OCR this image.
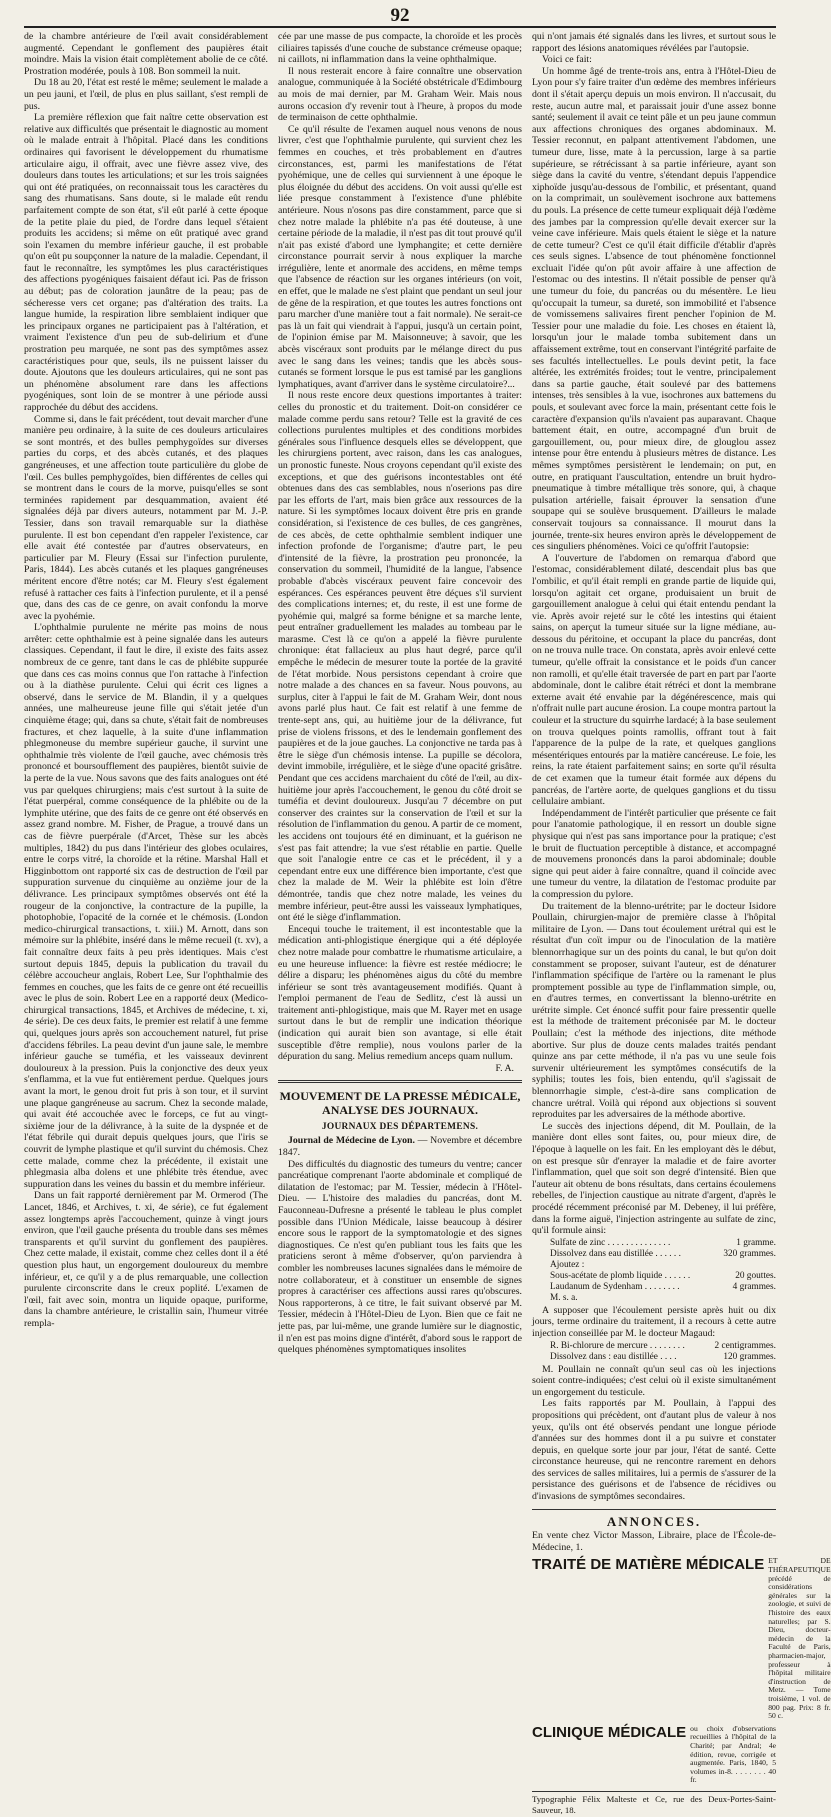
92

de la chambre antérieure de l'œil avait considérablement augmenté. Cependant le gonflement des paupières était moindre. Mais la vision était complètement abolie de ce côté. Prostration modérée, pouls à 108. Bon sommeil la nuit.

Du 18 au 20, l'état est resté le même; seulement le malade a un peu jauni, et l'œil, de plus en plus saillant, s'est rempli de pus.

La première réflexion que fait naître cette observation est relative aux difficultés que présentait le diagnostic au moment où le malade entrait à l'hôpital. Placé dans les conditions ordinaires qui favorisent le développement du rhumatisme articulaire aigu, il offrait, avec une fièvre assez vive, des douleurs dans toutes les articulations; et sur les trois saignées qui ont été pratiquées, on reconnaissait tous les caractères du sang des rhumatisans. Sans doute, si le malade eût rendu parfaitement compte de son état, s'il eût parlé à cette époque de la petite plaie du pied, de l'ordre dans lequel s'étaient produits les accidens; si même on eût pratiqué avec grand soin l'examen du membre inférieur gauche, il est probable qu'on eût pu soupçonner la nature de la maladie. Cependant, il faut le reconnaître, les symptômes les plus caractéristiques des affections pyogéniques faisaient défaut ici. Pas de frisson au début; pas de coloration jaunâtre de la peau; pas de sécheresse vers cet organe; pas d'altération des traits. La langue humide, la respiration libre semblaient indiquer que les principaux organes ne participaient pas à l'altération, et vraiment l'existence d'un peu de sub-delirium et d'une prostration peu marquée, ne sont pas des symptômes assez caractéristiques pour que, seuls, ils ne puissent laisser du doute. Ajoutons que les douleurs articulaires, qui ne sont pas un phénomène absolument rare dans les affections pyogéniques, sont loin de se montrer à une période aussi rapprochée du début des accidens.

Comme si, dans le fait précédent, tout devait marcher d'une manière peu ordinaire, à la suite de ces douleurs articulaires se sont montrés, et des bulles pemphygoïdes sur diverses parties du corps, et des abcès cutanés, et des plaques gangréneuses, et une affection toute particulière du globe de l'œil. Ces bulles pemphygoïdes, bien différentes de celles qui se montrent dans le cours de la morve, puisqu'elles se sont terminées rapidement par desquammation, avaient été signalées déjà par divers auteurs, notamment par M. J.-P. Tessier, dans son travail remarquable sur la diathèse purulente. Il est bon cependant d'en rappeler l'existence, car elle avait été contestée par d'autres observateurs, en particulier par M. Fleury (Essai sur l'infection purulente, Paris, 1844). Les abcès cutanés et les plaques gangréneuses méritent encore d'être notés; car M. Fleury s'est également refusé à rattacher ces faits à l'infection purulente, et il a pensé que, dans des cas de ce genre, on avait confondu la morve avec la pyohémie.

L'ophthalmie purulente ne mérite pas moins de nous arrêter: cette ophthalmie est à peine signalée dans les auteurs classiques. Cependant, il faut le dire, il existe des faits assez nombreux de ce genre, tant dans le cas de phlébite suppurée que dans ces cas moins connus que l'on rattache à l'infection ou à la diathèse purulente. Celui qui écrit ces lignes a observé, dans le service de M. Blandin, il y a quelques années, une malheureuse jeune fille qui s'était jetée d'un cinquième étage; qui, dans sa chute, s'était fait de nombreuses fractures, et chez laquelle, à la suite d'une inflammation phlegmoneuse du membre supérieur gauche, il survint une ophthalmie très violente de l'œil gauche, avec chémosis très prononcé et boursoufflement des paupières, bientôt suivie de la perte de la vue. Nous savons que des faits analogues ont été vus par quelques chirurgiens; mais c'est surtout à la suite de l'état puerpéral, comme conséquence de la phlébite ou de la lymphite utérine, que des faits de ce genre ont été observés en assez grand nombre. M. Fisher, de Prague, a trouvé dans un cas de fièvre puerpérale (d'Arcet, Thèse sur les abcès multiples, 1842) du pus dans l'intérieur des globes oculaires, entre le corps vitré, la choroïde et la rétine. Marshal Hall et Higginbottom ont rapporté six cas de destruction de l'œil par suppuration survenue du cinquième au onzième jour de la délivrance. Les principaux symptômes observés ont été la rougeur de la conjonctive, la contracture de la pupille, la photophobie, l'opacité de la cornée et le chémosis. (London medico-chirurgical transactions, t. xiii.) M. Arnott, dans son mémoire sur la phlébite, inséré dans le même recueil (t. xv), a fait connaître deux faits à peu près identiques. Mais c'est surtout depuis 1845, depuis la publication du travail du célèbre accoucheur anglais, Robert Lee, Sur l'ophthalmie des femmes en couches, que les faits de ce genre ont été recueillis avec le plus de soin. Robert Lee en a rapporté deux (Medico-chirurgical transactions, 1845, et Archives de médecine, t. xi, 4e série). De ces deux faits, le premier est relatif à une femme qui, quelques jours après son accouchement naturel, fut prise d'accidens fébriles. La peau devint d'un jaune sale, le membre inférieur gauche se tuméfia, et les vaisseaux devinrent douloureux à la pression. Puis la conjonctive des deux yeux s'enflamma, et la vue fut entièrement perdue. Quelques jours avant la mort, le genou droit fut pris à son tour, et il survint une plaque gangréneuse au sacrum. Chez la seconde malade, qui avait été accouchée avec le forceps, ce fut au vingt-sixième jour de la délivrance, à la suite de la dyspnée et de l'état fébrile qui durait depuis quelques jours, que l'iris se couvrit de lymphe plastique et qu'il survint du chémosis. Chez cette malade, comme chez la précédente, il existait une phlegmasia alba dolens et une phlébite très étendue, avec suppuration dans les veines du bassin et du membre inférieur.

Dans un fait rapporté dernièrement par M. Ormerod (The Lancet, 1846, et Archives, t. xi, 4e série), ce fut également assez longtemps après l'accouchement, quinze à vingt jours environ, que l'œil gauche présenta du trouble dans ses mêmes transparents et qu'il survint du gonflement des paupières. Chez cette malade, il existait, comme chez celles dont il a été question plus haut, un engorgement douloureux du membre inférieur, et, ce qu'il y a de plus remarquable, une collection purulente circonscrite dans le creux poplité. L'examen de l'œil, fait avec soin, montra un liquide opaque, puriforme, dans la chambre antérieure, le cristallin sain, l'humeur vitrée rempla-

cée par une masse de pus compacte, la choroïde et les procès ciliaires tapissés d'une couche de substance crémeuse opaque; ni caillots, ni inflammation dans la veine ophthalmique.

Il nous resterait encore à faire connaître une observation analogue, communiquée à la Société obstétricale d'Edimbourg au mois de mai dernier, par M. Graham Weir. Mais nous aurons occasion d'y revenir tout à l'heure, à propos du mode de terminaison de cette ophthalmie.

Ce qu'il résulte de l'examen auquel nous venons de nous livrer, c'est que l'ophthalmie purulente, qui survient chez les femmes en couches, et très probablement en d'autres circonstances, est, parmi les manifestations de l'état pyohémique, une de celles qui surviennent à une époque le plus éloignée du début des accidens. On voit aussi qu'elle est liée presque constamment à l'existence d'une phlébite antérieure. Nous n'osons pas dire constamment, parce que si chez notre malade la phlébite n'a pas été douteuse, à une certaine période de la maladie, il n'est pas dit tout prouvé qu'il n'ait pas existé d'abord une lymphangite; et cette dernière circonstance pourrait servir à nous expliquer la marche irrégulière, lente et anormale des accidens, en même temps que l'absence de réaction sur les organes intérieurs (on voit, en effet, que le malade ne s'est plaint que pendant un seul jour de gêne de la respiration, et que toutes les autres fonctions ont paru marcher d'une manière tout a fait normale). Ne serait-ce pas là un fait qui viendrait à l'appui, jusqu'à un certain point, de l'opinion émise par M. Maisonneuve; à savoir, que les abcès viscéraux sont produits par le mélange direct du pus avec le sang dans les veines; tandis que les abcès sous-cutanés se forment lorsque le pus est tamisé par les ganglions lymphatiques, avant d'arriver dans le système circulatoire?...

Il nous reste encore deux questions importantes à traiter: celles du pronostic et du traitement. Doit-on considérer ce malade comme perdu sans retour? Telle est la gravité de ces collections purulentes multiples et des conditions morbides générales sous l'influence desquels elles se développent, que les chirurgiens portent, avec raison, dans les cas analogues, un pronostic funeste. Nous croyons cependant qu'il existe des exceptions, et que des guérisons incontestables ont été obtenues dans des cas semblables, nous n'oserions pas dire par les efforts de l'art, mais bien grâce aux ressources de la nature. Si les symptômes locaux doivent être pris en grande considération, si l'existence de ces bulles, de ces gangrènes, de ces abcès, de cette ophthalmie semblent indiquer une infection profonde de l'organisme; d'autre part, le peu d'intensité de la fièvre, la prostration peu prononcée, la conservation du sommeil, l'humidité de la langue, l'absence probable d'abcès viscéraux peuvent faire concevoir des espérances. Ces espérances peuvent être déçues s'il survient des complications internes; et, du reste, il est une forme de pyohémie qui, malgré sa forme bénigne et sa marche lente, peut entraîner graduellement les malades au tombeau par le marasme. C'est là ce qu'on a appelé la fièvre purulente chronique: état fallacieux au plus haut degré, parce qu'il empêche le médecin de mesurer toute la portée de la gravité de l'état morbide. Nous persistons cependant à croire que notre malade a des chances en sa faveur. Nous pouvons, au surplus, citer à l'appui le fait de M. Graham Weir, dont nous avons parlé plus haut. Ce fait est relatif à une femme de trente-sept ans, qui, au huitième jour de la délivrance, fut prise de violens frissons, et des le lendemain gonflement des paupières et de la joue gauches. La conjonctive ne tarda pas à être le siège d'un chémosis intense. La pupille se décolora, devint immobile, irrégulière, et le siège d'une opacité grisâtre. Pendant que ces accidens marchaient du côté de l'œil, au dix-huitième jour après l'accouchement, le genou du côté droit se tuméfia et devint douloureux. Jusqu'au 7 décembre on put conserver des craintes sur la conservation de l'œil et sur la résolution de l'inflammation du genou. A partir de ce moment, les accidens ont toujours été en diminuant, et la guérison ne s'est pas fait attendre; la vue s'est rétablie en partie. Quelle que soit l'analogie entre ce cas et le précédent, il y a cependant entre eux une différence bien importante, c'est que chez la malade de M. Weir la phlébite est loin d'être démontrée, tandis que chez notre malade, les veines du membre inférieur, peut-être aussi les vaisseaux lymphatiques, ont été le siège d'inflammation.

Encequi touche le traitement, il est incontestable que la médication anti-phlogistique énergique qui a été déployée chez notre malade pour combattre le rhumatisme articulaire, a eu une heureuse influence: la fièvre est restée médiocre; le délire a disparu; les phénomènes aigus du côté du membre inférieur se sont très avantageusement modifiés. Quant à l'emploi permanent de l'eau de Sedlitz, c'est là aussi un traitement anti-phlogistique, mais que M. Rayer met en usage surtout dans le but de remplir une indication théorique (indication qui aurait bien son avantage, si elle était susceptible d'être remplie), nous voulons parler de la dépuration du sang. Melius remedium anceps quam nullum.

F. A.
MOUVEMENT DE LA PRESSE MÉDICALE, ANALYSE DES JOURNAUX.
JOURNAUX DES DÉPARTEMENS.

Journal de Médecine de Lyon. — Novembre et décembre 1847.

Des difficultés du diagnostic des tumeurs du ventre; cancer pancréatique comprenant l'aorte abdominale et compliqué de dilatation de l'estomac; par M. Tessier, médecin à l'Hôtel-Dieu. — L'histoire des maladies du pancréas, dont M. Fauconneau-Dufresne a présenté le tableau le plus complet possible dans l'Union Médicale, laisse beaucoup à désirer encore sous le rapport de la symptomatologie et des signes diagnostiques. Ce n'est qu'en publiant tous les faits que les praticiens seront à même d'observer, qu'on parviendra à combler les nombreuses lacunes signalées dans le mémoire de notre collaborateur, et à constituer un ensemble de signes propres à caractériser ces affections aussi rares qu'obscures. Nous rapporterons, à ce titre, le fait suivant observé par M. Tessier, médecin à l'Hôtel-Dieu de Lyon. Bien que ce fait ne jette pas, par lui-même, une grande lumière sur le diagnostic, il n'en est pas moins digne d'intérêt, d'abord sous le rapport de quelques phénomènes symptomatiques insolites

qui n'ont jamais été signalés dans les livres, et surtout sous le rapport des lésions anatomiques révélées par l'autopsie.

Voici ce fait:

Un homme âgé de trente-trois ans, entra à l'Hôtel-Dieu de Lyon pour s'y faire traiter d'un œdème des membres inférieurs dont il s'était aperçu depuis un mois environ. Il n'accusait, du reste, aucun autre mal, et paraissait jouir d'une assez bonne santé; seulement il avait ce teint pâle et un peu jaune commun aux affections chroniques des organes abdominaux. M. Tessier reconnut, en palpant attentivement l'abdomen, une tumeur dure, lisse, mate à la percussion, large à sa partie supérieure, se rétrécissant à sa partie inférieure, ayant son siège dans la cavité du ventre, s'étendant depuis l'appendice xiphoïde jusqu'au-dessous de l'ombilic, et présentant, quand on la comprimait, un soulèvement isochrone aux battemens du pouls. La présence de cette tumeur expliquait déjà l'œdème des jambes par la compression qu'elle devait exercer sur la veine cave inférieure. Mais quels étaient le siège et la nature de cette tumeur? C'est ce qu'il était difficile d'établir d'après ces seuls signes. L'absence de tout phénomène fonctionnel excluait l'idée qu'on pût avoir affaire à une affection de l'estomac ou des intestins. Il n'était possible de penser qu'à une tumeur du foie, du pancréas ou du mésentère. Le lieu qu'occupait la tumeur, sa dureté, son immobilité et l'absence de vomissemens salivaires firent pencher l'opinion de M. Tessier pour une maladie du foie. Les choses en étaient là, lorsqu'un jour le malade tomba subitement dans un affaissement extrême, tout en conservant l'intégrité parfaite de ses facultés intellectuelles. Le pouls devint petit, la face altérée, les extrémités froides; tout le ventre, principalement dans sa partie gauche, était soulevé par des battemens intenses, très sensibles à la vue, isochrones aux battemens du pouls, et soulevant avec force la main, présentant cette fois le caractère d'expansion qu'ils n'avaient pas auparavant. Chaque battement était, en outre, accompagné d'un bruit de gargouillement, ou, pour mieux dire, de glouglou assez intense pour être entendu à plusieurs mètres de distance. Les mêmes symptômes persistèrent le lendemain; on put, en outre, en pratiquant l'auscultation, entendre un bruit hydro-pneumatique à timbre métallique très sonore, qui, à chaque pulsation artérielle, faisait éprouver la sensation d'une soupape qui se soulève brusquement. D'ailleurs le malade conservait toujours sa connaissance. Il mourut dans la journée, trente-six heures environ après le développement de ces singuliers phénomènes. Voici ce qu'offrit l'autopsie:

A l'ouverture de l'abdomen on remarqua d'abord que l'estomac, considérablement dilaté, descendait plus bas que l'ombilic, et qu'il était rempli en grande partie de liquide qui, lorsqu'on agitait cet organe, produisaient un bruit de gargouillement analogue à celui qui était entendu pendant la vie. Après avoir rejeté sur le côté les intestins qui étaient sains, on aperçut la tumeur située sur la ligne médiane, au-dessous du péritoine, et occupant la place du pancréas, dont on ne trouva nulle trace. On constata, après avoir enlevé cette tumeur, qu'elle offrait la consistance et le poids d'un cancer non ramolli, et qu'elle était traversée de part en part par l'aorte abdominale, dont le calibre était rétréci et dont la membrane externe avait été envahie par la dégénérescence, mais qui n'offrait nulle part aucune érosion. La coupe montra partout la couleur et la structure du squirrhe lardacé; à la base seulement on trouva quelques points ramollis, offrant tout à fait l'apparence de la pulpe de la rate, et quelques ganglions mésentériques entourés par la matière cancéreuse. Le foie, les reins, la rate étaient parfaitement sains; en sorte qu'il résulta de cet examen que la tumeur était formée aux dépens du pancréas, de l'artère aorte, de quelques ganglions et du tissu cellulaire ambiant.

Indépendamment de l'intérêt particulier que présente ce fait pour l'anatomie pathologique, il en ressort un double signe physique qui n'est pas sans importance pour la pratique; c'est le bruit de fluctuation perceptible à distance, et accompagné de mouvemens prononcés dans la paroi abdominale; double signe qui peut aider à faire connaître, quand il coïncide avec une tumeur du ventre, la dilatation de l'estomac produite par la compression du pylore.

Du traitement de la blenno-urétrite; par le docteur Isidore Poullain, chirurgien-major de première classe à l'hôpital militaire de Lyon. — Dans tout écoulement urétral qui est le résultat d'un coït impur ou de l'inoculation de la matière blennorrhagique sur un des points du canal, le but qu'on doit constamment se proposer, suivant l'auteur, est de dénaturer l'inflammation spécifique de l'artère ou la ramenant le plus promptement possible au type de l'inflammation simple, ou, en d'autres termes, en convertissant la blenno-urétrite en urétrite simple. Cet énoncé suffit pour faire pressentir quelle est la méthode de traitement préconisée par M. le docteur Poullain; c'est la méthode des injections, dite méthode abortive. Sur plus de douze cents malades traités pendant quinze ans par cette méthode, il n'a pas vu une seule fois survenir ultérieurement les symptômes consécutifs de la syphilis; toutes les fois, bien entendu, qu'il s'agissait de blennorrhagie simple, c'est-à-dire sans complication de chancre urétral. Voilà qui répond aux objections si souvent reproduites par les adversaires de la méthode abortive.

Le succès des injections dépend, dit M. Poullain, de la manière dont elles sont faites, ou, pour mieux dire, de l'époque à laquelle on les fait. En les employant dès le début, on est presque sûr d'enrayer la maladie et de faire avorter l'inflammation, quel que soit son degré d'intensité. Bien que l'auteur ait obtenu de bons résultats, dans certains écoulemens rebelles, de l'injection caustique au nitrate d'argent, d'après le procédé récemment préconisé par M. Debeney, il lui préfère, dans la forme aiguë, l'injection astringente au sulfate de zinc, qu'il formule ainsi:

Sulfate de zinc . . . . . . . . . . . . . .	1 gramme.
Dissolvez dans eau distillée . . . . . .	320 grammes.
Ajoutez :
Sous-acétate de plomb liquide . . . . . .	20 gouttes.
Laudanum de Sydenham . . . . . . . .	4 grammes.
M. s. a.

A supposer que l'écoulement persiste après huit ou dix jours, terme ordinaire du traitement, il a recours à cette autre injection conseillée par M. le docteur Magaud:

R. Bi-chlorure de mercure . . . . . . . .	2 centigrammes.
Dissolvez dans : eau distillée . . . .	120 grammes.

M. Poullain ne connaît qu'un seul cas où les injections soient contre-indiquées; c'est celui où il existe simultanément un engorgement du testicule.

Les faits rapportés par M. Poullain, à l'appui des propositions qui précèdent, ont d'autant plus de valeur à nos yeux, qu'ils ont été observés pendant une longue période d'années sur des hommes dont il a pu suivre et constater depuis, en quelque sorte jour par jour, l'état de santé. Cette circonstance heureuse, qui ne rencontre rarement en dehors des services de salles militaires, lui a permis de s'assurer de la persistance des guérisons et de l'absence de récidives ou d'invasions de symptômes secondaires.

ANNONCES.

En vente chez Victor Masson, Libraire, place de l'École-de-Médecine, 1.

TRAITÉ DE MATIÈRE MÉDICALE ET DE THÉRAPEUTIQUE précédé de considérations générales sur la zoologie, et suivi de l'histoire des eaux naturelles; par S. Dieu, docteur-médecin de la Faculté de Paris, pharmacien-major, professeur à l'hôpital militaire d'instruction de Metz. — Tome troisième, 1 vol. de 800 pag. Prix: 8 fr. 50 c.
CLINIQUE MÉDICALE ou choix d'observations recueillies à l'hôpital de la Charité; par Andral; 4e édition, revue, corrigée et augmentée. Paris, 1840, 5 volumes in-8. . . . . . . . 40 fr.

Typographie Félix Malteste et Ce, rue des Deux-Portes-Saint-Sauveur, 18.
